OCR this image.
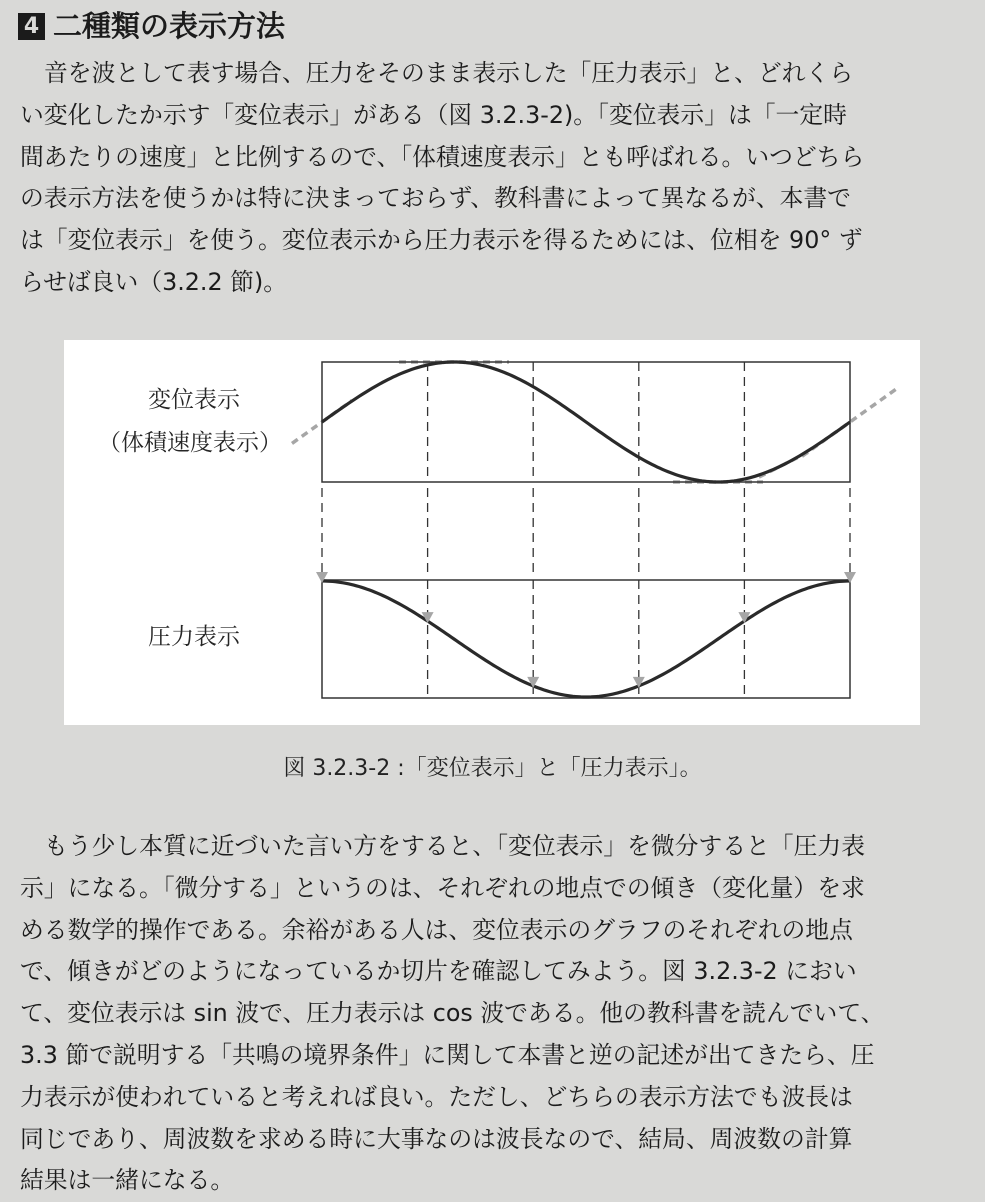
4 二種類の表示方法
音を波として表す場合、圧力をそのまま表示した「圧力表示」と、どれくら
い変化したか示す「変位表示」がある（図 3.2.3-2)。「変位表示」は「一定時
間あたりの速度」と比例するので、「体積速度表示」とも呼ばれる。いつどちら
の表示方法を使うかは特に決まっておらず、教科書によって異なるが、本書で
は「変位表示」を使う。変位表示から圧力表示を得るためには、位相を 90° ず
らせば良い（3.2.2 節)。
変位表示
（体積速度表示）
圧力表示
図 3.2.3-2 :「変位表示」と「圧力表示」。
もう少し本質に近づいた言い方をすると、「変位表示」を微分すると「圧力表
示」になる。「微分する」というのは、それぞれの地点での傾き（変化量）を求
める数学的操作である。余裕がある人は、変位表示のグラフのそれぞれの地点
で、傾きがどのようになっているか切片を確認してみよう。図 3.2.3-2 におい
て、変位表示は sin 波で、圧力表示は cos 波である。他の教科書を読んでいて、
3.3 節で説明する「共鳴の境界条件」に関して本書と逆の記述が出てきたら、圧
力表示が使われていると考えれば良い。ただし、どちらの表示方法でも波長は
同じであり、周波数を求める時に大事なのは波長なので、結局、周波数の計算
結果は一緒になる。
